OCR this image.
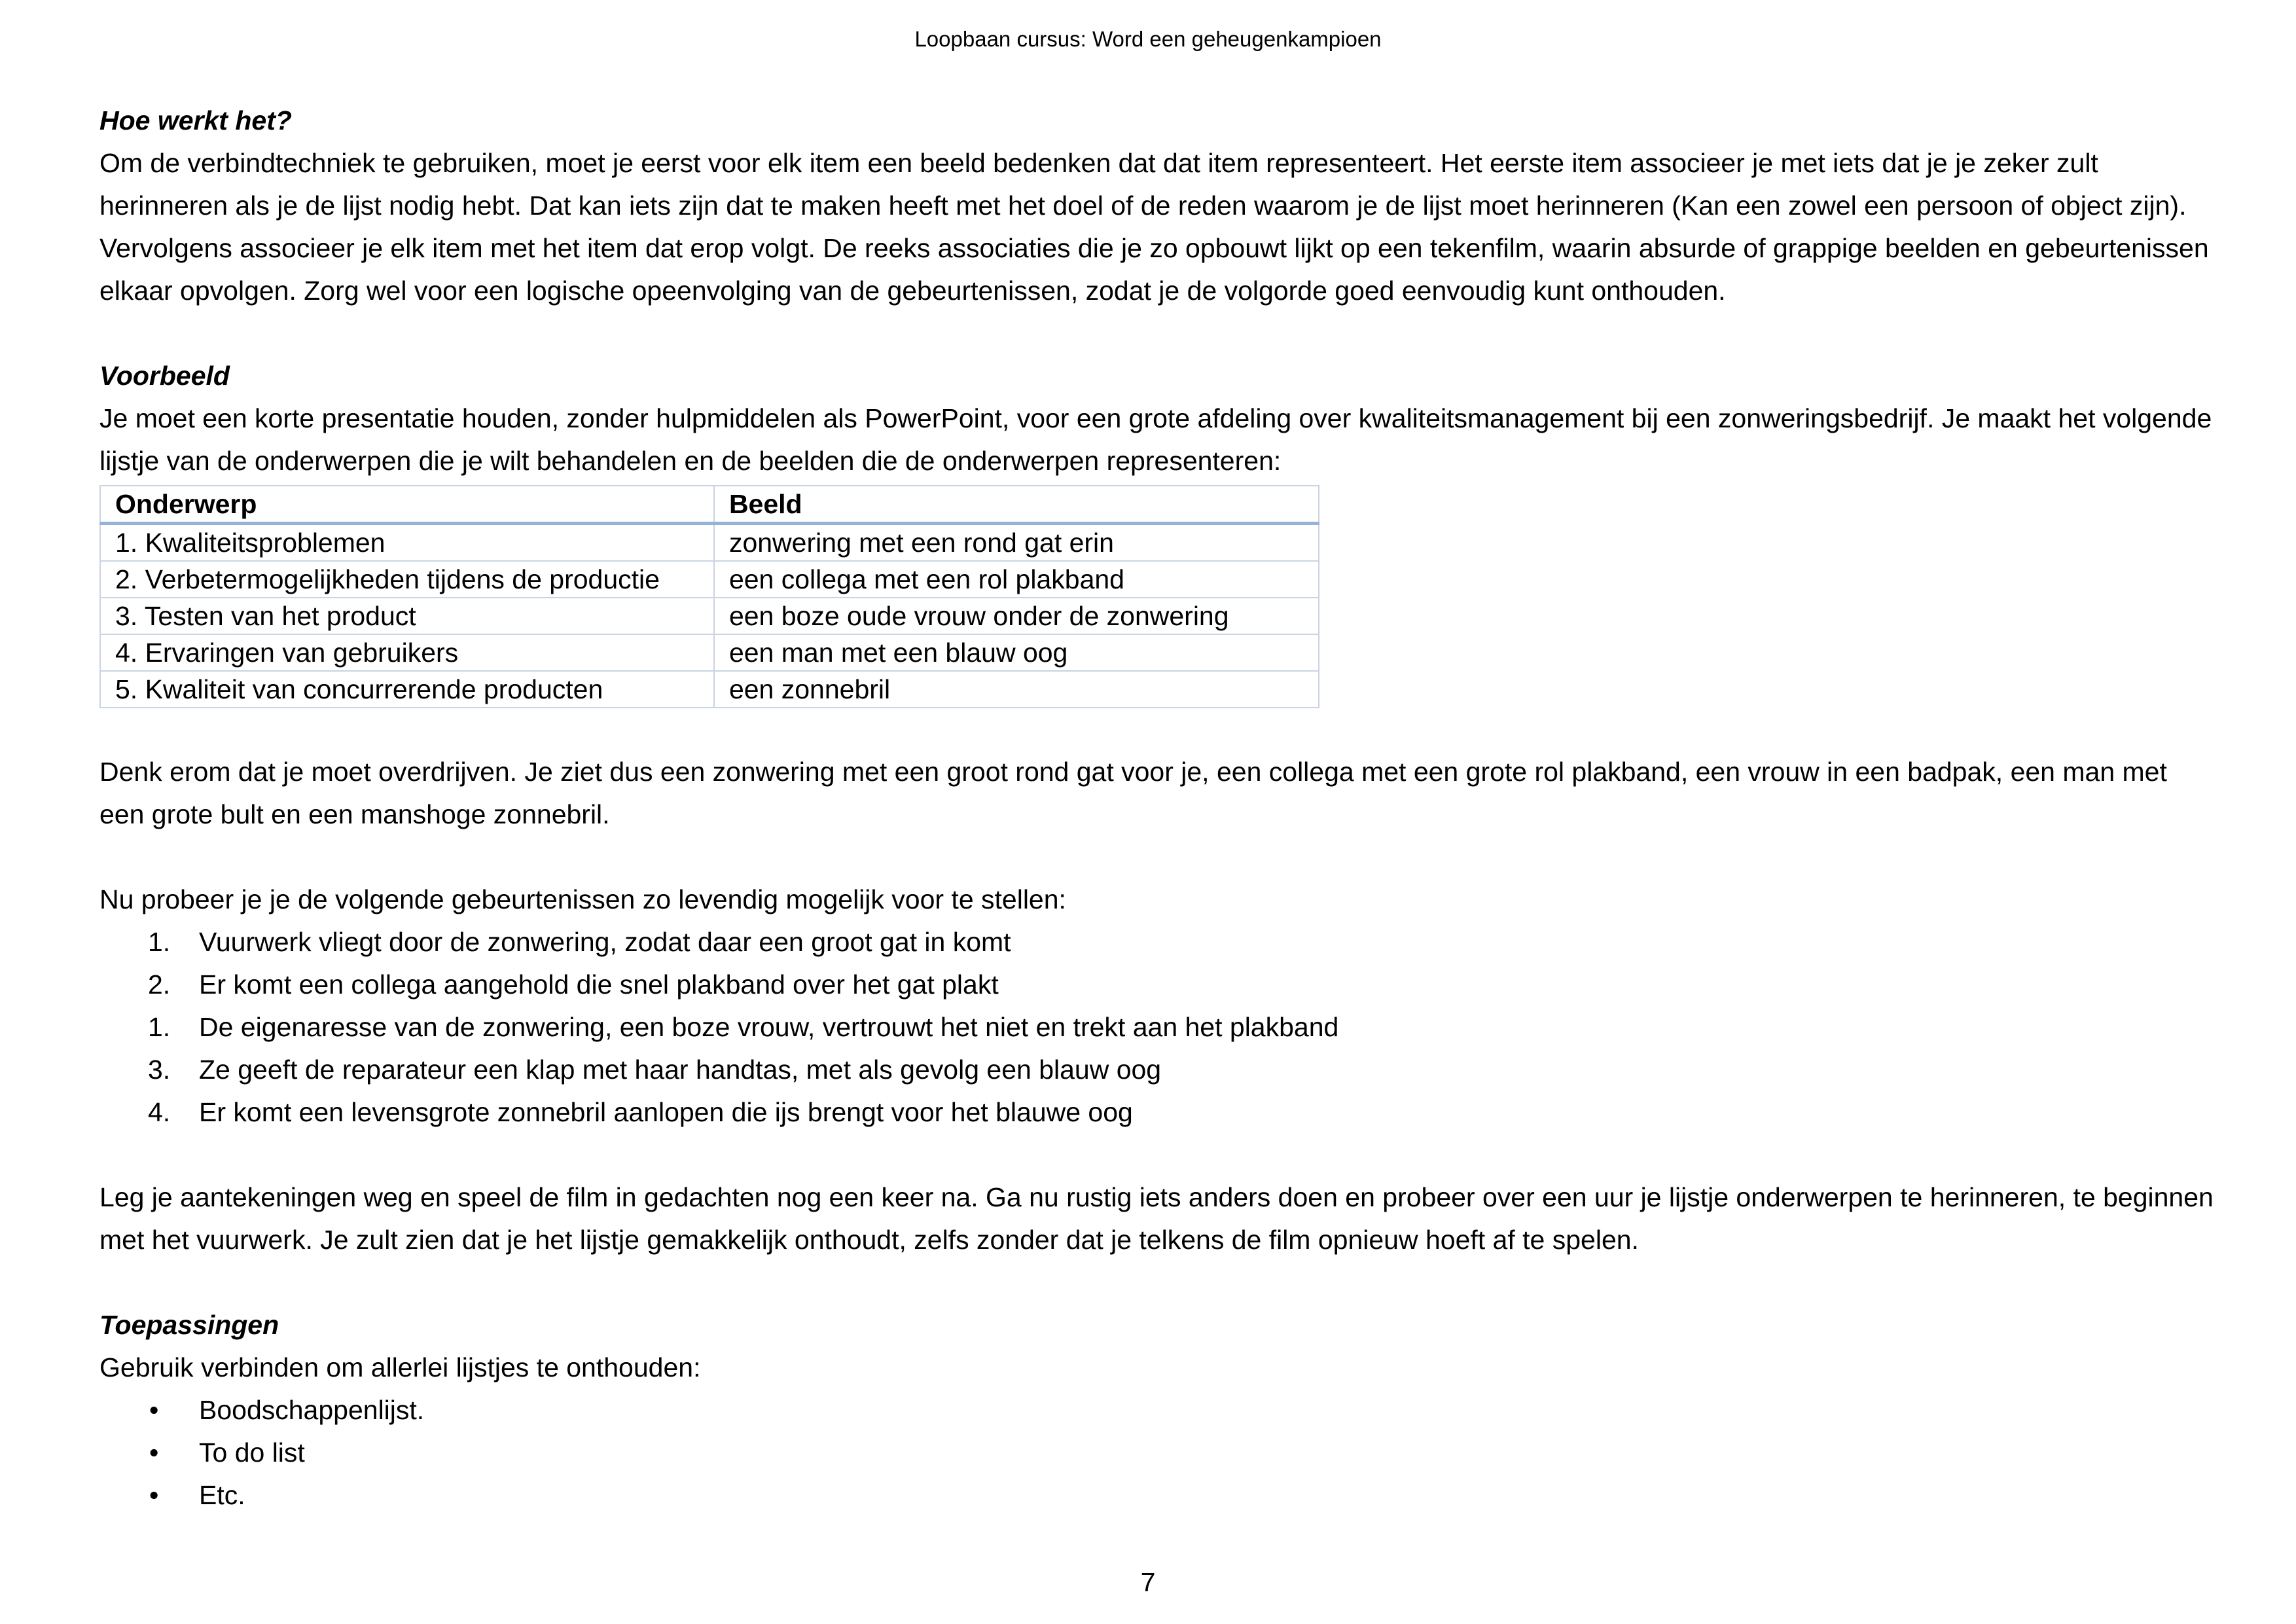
Loopbaan cursus: Word een geheugenkampioen

Hoe werkt het?

Om de verbindtechniek te gebruiken, moet je eerst voor elk item een beeld bedenken dat dat item representeert. Het eerste item associeer je met iets dat je je zeker zult herinneren als je de lijst nodig hebt. Dat kan iets zijn dat te maken heeft met het doel of de reden waarom je de lijst moet herinneren (Kan een zowel een persoon of object zijn). Vervolgens associeer je elk item met het item dat erop volgt. De reeks associaties die je zo opbouwt lijkt op een tekenfilm, waarin absurde of grappige beelden en gebeurtenissen elkaar opvolgen. Zorg wel voor een logische opeenvolging van de gebeurtenissen, zodat je de volgorde goed eenvoudig kunt onthouden.

Voorbeeld

Je moet een korte presentatie houden, zonder hulpmiddelen als PowerPoint, voor een grote afdeling over kwaliteitsmanagement bij een zonweringsbedrijf. Je maakt het volgende lijstje van de onderwerpen die je wilt behandelen en de beelden die de onderwerpen representeren:

Onderwerp	Beeld
1. Kwaliteitsproblemen	zonwering met een rond gat erin
2. Verbetermogelijkheden tijdens de productie	een collega met een rol plakband
3. Testen van het product	een boze oude vrouw onder de zonwering
4. Ervaringen van gebruikers	een man met een blauw oog
5. Kwaliteit van concurrerende producten	een zonnebril

Denk erom dat je moet overdrijven. Je ziet dus een zonwering met een groot rond gat voor je, een collega met een grote rol plakband, een vrouw in een badpak, een man met een grote bult en een manshoge zonnebril.

Nu probeer je je de volgende gebeurtenissen zo levendig mogelijk voor te stellen:

1. Vuurwerk vliegt door de zonwering, zodat daar een groot gat in komt
2. Er komt een collega aangehold die snel plakband over het gat plakt
1. De eigenaresse van de zonwering, een boze vrouw, vertrouwt het niet en trekt aan het plakband
3. Ze geeft de reparateur een klap met haar handtas, met als gevolg een blauw oog
4. Er komt een levensgrote zonnebril aanlopen die ijs brengt voor het blauwe oog

Leg je aantekeningen weg en speel de film in gedachten nog een keer na. Ga nu rustig iets anders doen en probeer over een uur je lijstje onderwerpen te herinneren, te beginnen met het vuurwerk. Je zult zien dat je het lijstje gemakkelijk onthoudt, zelfs zonder dat je telkens de film opnieuw hoeft af te spelen.

Toepassingen

Gebruik verbinden om allerlei lijstjes te onthouden:

• Boodschappenlijst.
• To do list
• Etc.
7
